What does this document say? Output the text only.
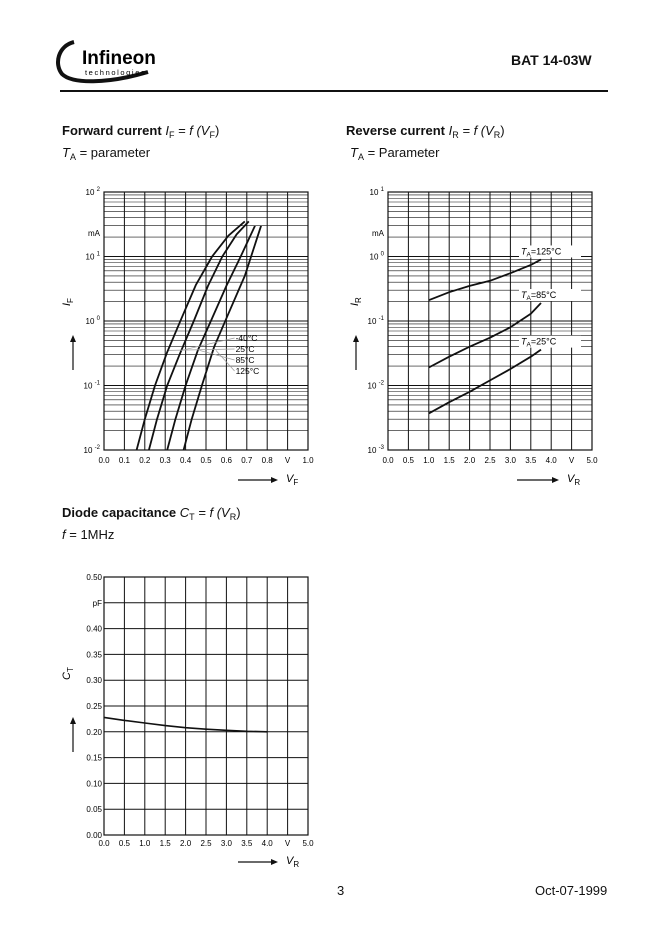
Infineon
technologies
BAT 14-03W
Forward current $I_F = f$ $(V_F)$
$T_A$ = parameter
Reverse current $I_R = f$ $(V_R)$
$T_A$ = Parameter
Diode capacitance $C_T = f$ $(V_R)$
f = 1MHz
10 $^{-2}$
10 $^{-1}$
10 $^0$
10 $^1$
10 $^2$
mA
0.0 0.1 0.2 0.3 0.4 0.5 0.6 0.7 0.8 V 1.0
-40°C
25°C
85°C
125°C
$V_F$
$I_F$
10 $^{-3}$
10 $^{-2}$
10 $^{-1}$
10 $^0$
10 $^1$
mA
0.0 0.5 1.0 1.5 2.0 2.5 3.0 3.5 4.0 V 5.0
$T_A=125^\circ C$
$T_A=85^\circ C$
$T_A=25^\circ C$
$V_R$
$I_R$
0.00
0.05
0.10
0.15
0.20
0.25
0.30
0.35
0.40
pF
0.50
0.0 0.5 1.0 1.5 2.0 2.5 3.0 3.5 4.0 V 5.0
$V_R$
$C_T$
3	Oct-07-1999
